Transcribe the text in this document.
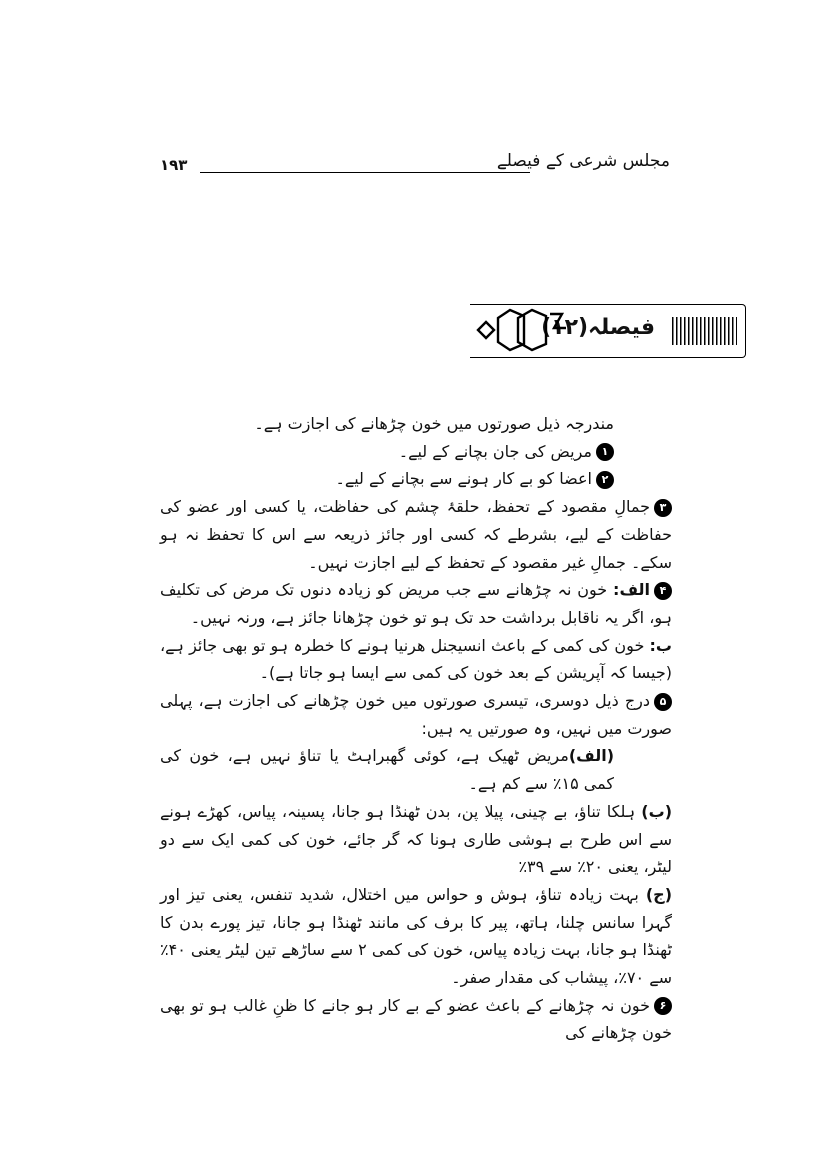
مجلس شرعی کے فیصلے
۱۹۳
فیصلہ(۱۲)

مندرجہ ذیل صورتوں میں خون چڑھانے کی اجازت ہے۔

۱مریض کی جان بچانے کے لیے۔

۲اعضا کو بے کار ہونے سے بچانے کے لیے۔

۳جمالِ مقصود کے تحفظ، حلقۂ چشم کی حفاظت، یا کسی اور عضو کی حفاظت کے لیے، بشرطے کہ کسی اور جائز ذریعہ سے اس کا تحفظ نہ ہو سکے۔ جمالِ غیر مقصود کے تحفظ کے لیے اجازت نہیں۔

۴الف: خون نہ چڑھانے سے جب مریض کو زیادہ دنوں تک مرض کی تکلیف ہو، اگر یہ ناقابل برداشت حد تک ہو تو خون چڑھانا جائز ہے، ورنہ نہیں۔

ب: خون کی کمی کے باعث انسیجنل ھرنیا ہونے کا خطرہ ہو تو بھی جائز ہے، (جیسا کہ آپریشن کے بعد خون کی کمی سے ایسا ہو جاتا ہے)۔

۵درج ذیل دوسری، تیسری صورتوں میں خون چڑھانے کی اجازت ہے، پہلی صورت میں نہیں، وہ صورتیں یہ ہیں:

(الف)مریض ٹھیک ہے، کوئی گھبراہٹ یا تناؤ نہیں ہے، خون کی کمی ۱۵٪ سے کم ہے۔

(ب) ہلکا تناؤ، بے چینی، پیلا پن، بدن ٹھنڈا ہو جانا، پسینہ، پیاس، کھڑے ہونے سے اس طرح بے ہوشی طاری ہونا کہ گر جائے، خون کی کمی ایک سے دو لیٹر، یعنی ۲۰٪ سے ۳۹٪

(ج) بہت زیادہ تناؤ، ہوش و حواس میں اختلال، شدید تنفس، یعنی تیز اور گہرا سانس چلنا، ہاتھ، پیر کا برف کی مانند ٹھنڈا ہو جانا، تیز پورے بدن کا ٹھنڈا ہو جانا، بہت زیادہ پیاس، خون کی کمی ۲ سے ساڑھے تین لیٹر یعنی ۴۰٪ سے ۷۰٪، پیشاب کی مقدار صفر۔

۶خون نہ چڑھانے کے باعث عضو کے بے کار ہو جانے کا ظنِ غالب ہو تو بھی خون چڑھانے کی
